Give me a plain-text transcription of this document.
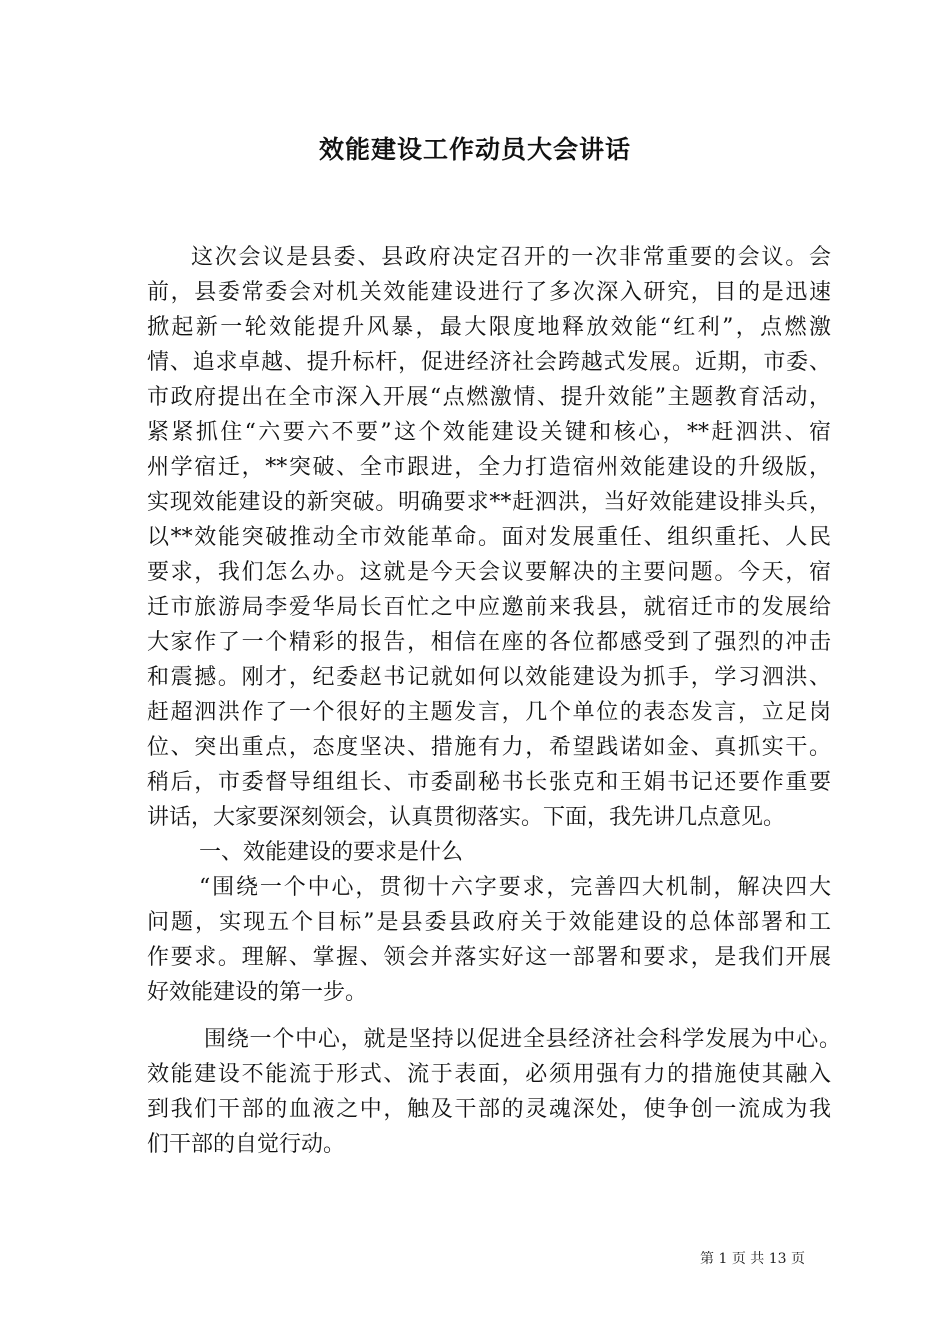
效能建设工作动员大会讲话
这次会议是县委、县政府决定召开的一次非常重要的会议。会
前，县委常委会对机关效能建设进行了多次深入研究，目的是迅速
掀起新一轮效能提升风暴，最大限度地释放效能“红利”，点燃激
情、追求卓越、提升标杆，促进经济社会跨越式发展。近期，市委、
市政府提出在全市深入开展“点燃激情、提升效能”主题教育活动，
紧紧抓住“六要六不要”这个效能建设关键和核心，**赶泗洪、宿
州学宿迁，**突破、全市跟进，全力打造宿州效能建设的升级版，
实现效能建设的新突破。明确要求**赶泗洪，当好效能建设排头兵，
以**效能突破推动全市效能革命。面对发展重任、组织重托、人民
要求，我们怎么办。这就是今天会议要解决的主要问题。今天，宿
迁市旅游局李爱华局长百忙之中应邀前来我县，就宿迁市的发展给
大家作了一个精彩的报告，相信在座的各位都感受到了强烈的冲击
和震撼。刚才，纪委赵书记就如何以效能建设为抓手，学习泗洪、
赶超泗洪作了一个很好的主题发言，几个单位的表态发言，立足岗
位、突出重点，态度坚决、措施有力，希望践诺如金、真抓实干。
稍后，市委督导组组长、市委副秘书长张克和王娟书记还要作重要
讲话，大家要深刻领会，认真贯彻落实。下面，我先讲几点意见。
一、效能建设的要求是什么
“围绕一个中心，贯彻十六字要求，完善四大机制，解决四大
问题，实现五个目标”是县委县政府关于效能建设的总体部署和工
作要求。理解、掌握、领会并落实好这一部署和要求，是我们开展
好效能建设的第一步。
围绕一个中心，就是坚持以促进全县经济社会科学发展为中心。
效能建设不能流于形式、流于表面，必须用强有力的措施使其融入
到我们干部的血液之中，触及干部的灵魂深处，使争创一流成为我
们干部的自觉行动。
第 1 页 共 13 页
